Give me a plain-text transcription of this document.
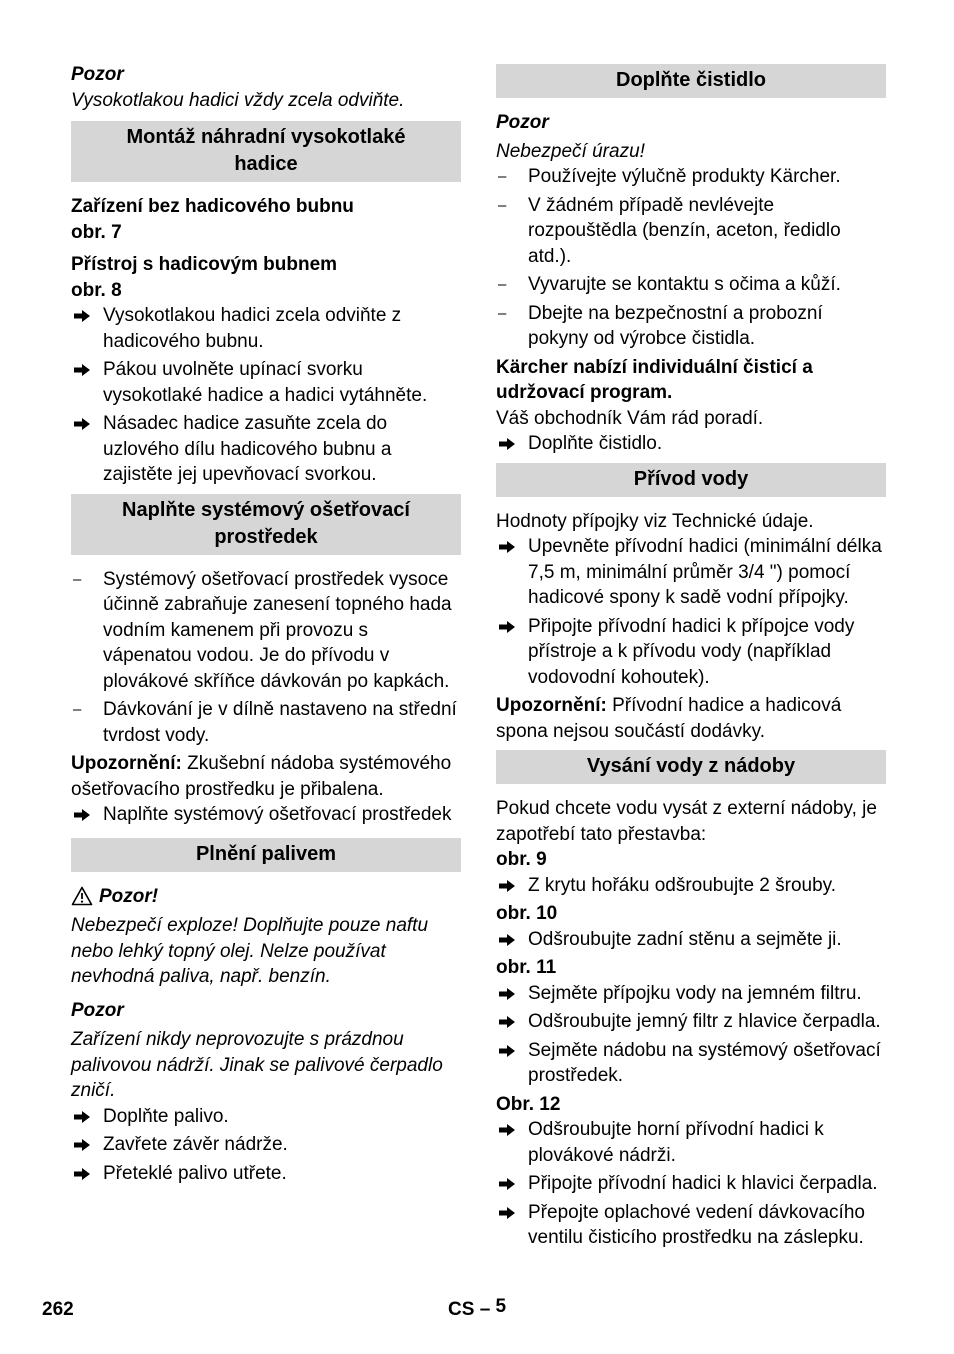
Pozor
Vysokotlakou hadici vždy zcela odviňte.
Montáž náhradní vysokotlaké
hadice
Zařízení bez hadicového bubnu
obr. 7
Přístroj s hadicovým bubnem
obr. 8
Vysokotlakou hadici zcela odviňte z hadicového bubnu.
Pákou uvolněte upínací svorku vysokotlaké hadice a hadici vytáhněte.
Násadec hadice zasuňte zcela do uzlového dílu hadicového bubnu a zajistěte jej upevňovací svorkou.
Naplňte systémový ošetřovací
prostředek
–	Systémový ošetřovací prostředek vysoce účinně zabraňuje zanesení topného hada vodním kamenem při provozu s vápenatou vodou. Je do přívodu v plovákové skříňce dávkován po kapkách.
–	Dávkování je v dílně nastaveno na střední tvrdost vody.
Upozornění: Zkušební nádoba systémového ošetřovacího prostředku je přibalena.
Naplňte systémový ošetřovací prostředek
Plnění palivem
Pozor!
Nebezpečí exploze! Doplňujte pouze naftu nebo lehký topný olej. Nelze používat nevhodná paliva, např. benzín.
Pozor
Zařízení nikdy neprovozujte s prázdnou palivovou nádrží. Jinak se palivové čerpadlo zničí.
Doplňte palivo.
Zavřete závěr nádrže.
Přeteklé palivo utřete.
Doplňte čistidlo
Pozor
Nebezpečí úrazu!
–	Používejte výlučně produkty Kärcher.
–	V žádném případě nevlévejte rozpouštědla (benzín, aceton, ředidlo atd.).
–	Vyvarujte se kontaktu s očima a kůží.
–	Dbejte na bezpečnostní a probozní pokyny od výrobce čistidla.
Kärcher nabízí individuální čisticí a udržovací program.
Váš obchodník Vám rád poradí.
Doplňte čistidlo.
Přívod vody
Hodnoty přípojky viz Technické údaje.
Upevněte přívodní hadici (minimální délka 7,5 m, minimální průměr 3/4 ") pomocí hadicové spony k sadě vodní přípojky.
Připojte přívodní hadici k přípojce vody přístroje a k přívodu vody (například vodovodní kohoutek).
Upozornění: Přívodní hadice a hadicová spona nejsou součástí dodávky.
Vysání vody z nádoby
Pokud chcete vodu vysát z externí nádoby, je zapotřebí tato přestavba:
obr. 9
Z krytu hořáku odšroubujte 2 šrouby.
obr. 10
Odšroubujte zadní stěnu a sejměte ji.
obr. 11
Sejměte přípojku vody na jemném filtru.
Odšroubujte jemný filtr z hlavice čerpadla.
Sejměte nádobu na systémový ošetřovací prostředek.
Obr. 12
Odšroubujte horní přívodní hadici k plovákové nádrži.
Připojte přívodní hadici k hlavici čerpadla.
Přepojte oplachové vedení dávkovacího ventilu čisticího prostředku na záslepku.
262	CS – 5
